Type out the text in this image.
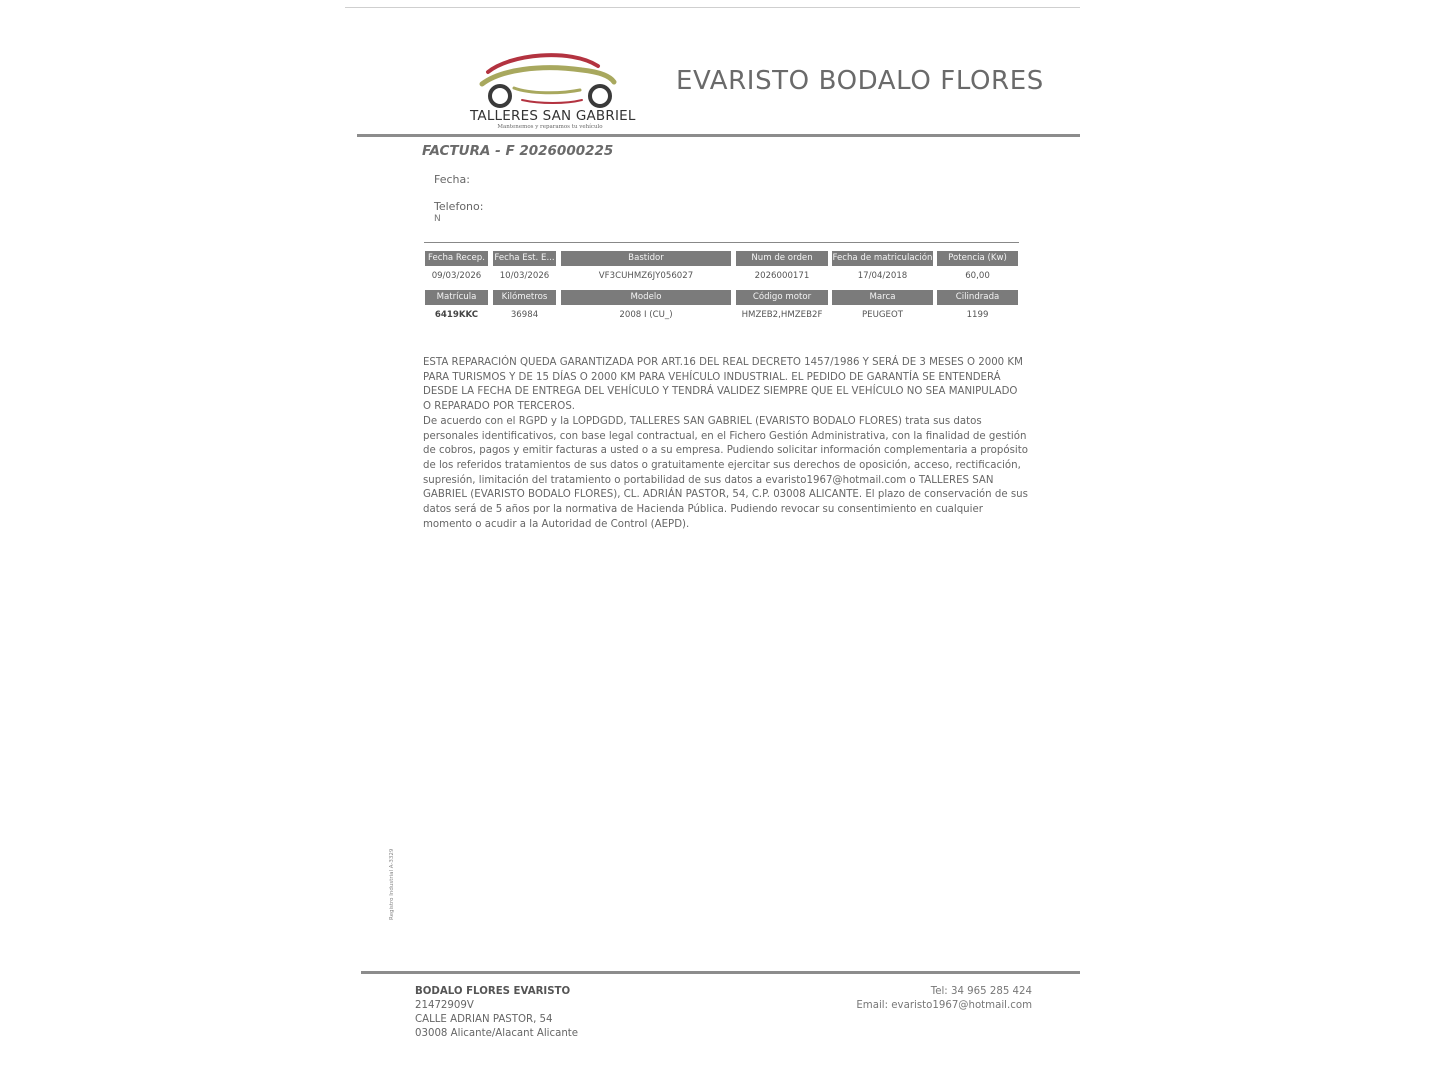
TALLERES SAN GABRIEL
Mantenemos y reparamos tu vehículo
EVARISTO BODALO FLORES
FACTURA - F 2026000225
Fecha:
Telefono:
N
Fecha Recep.	Fecha Est. E...	Bastidor	Num de orden	Fecha de matriculación	Potencia (Kw)
09/03/2026	10/03/2026	VF3CUHMZ6JY056027	2026000171	17/04/2018	60,00
Matrícula	Kilómetros	Modelo	Código motor	Marca	Cilindrada
6419KKC	36984	2008 I (CU_)	HMZEB2,HMZEB2F	PEUGEOT	1199

ESTA REPARACIÓN QUEDA GARANTIZADA POR ART.16 DEL REAL DECRETO 1457/1986 Y SERÁ DE 3 MESES O 2000 KM PARA TURISMOS Y DE 15 DÍAS O 2000 KM PARA VEHÍCULO INDUSTRIAL. EL PEDIDO DE GARANTÍA SE ENTENDERÁ DESDE LA FECHA DE ENTREGA DEL VEHÍCULO Y TENDRÁ VALIDEZ SIEMPRE QUE EL VEHÍCULO NO SEA MANIPULADO O REPARADO POR TERCEROS.

De acuerdo con el RGPD y la LOPDGDD, TALLERES SAN GABRIEL (EVARISTO BODALO FLORES) trata sus datos personales identificativos, con base legal contractual, en el Fichero Gestión Administrativa, con la finalidad de gestión de cobros, pagos y emitir facturas a usted o a su empresa. Pudiendo solicitar información complementaria a propósito de los referidos tratamientos de sus datos o gratuitamente ejercitar sus derechos de oposición, acceso, rectificación, supresión, limitación del tratamiento o portabilidad de sus datos a evaristo1967@hotmail.com o TALLERES SAN GABRIEL (EVARISTO BODALO FLORES), CL. ADRIÁN PASTOR, 54, C.P. 03008 ALICANTE. El plazo de conservación de sus datos será de 5 años por la normativa de Hacienda Pública. Pudiendo revocar su consentimiento en cualquier momento o acudir a la Autoridad de Control (AEPD).

Registro Industrial A-3329
BODALO FLORES EVARISTO
21472909V
CALLE ADRIAN PASTOR, 54
03008 Alicante/Alacant Alicante
Tel: 34 965 285 424
Email: evaristo1967@hotmail.com
